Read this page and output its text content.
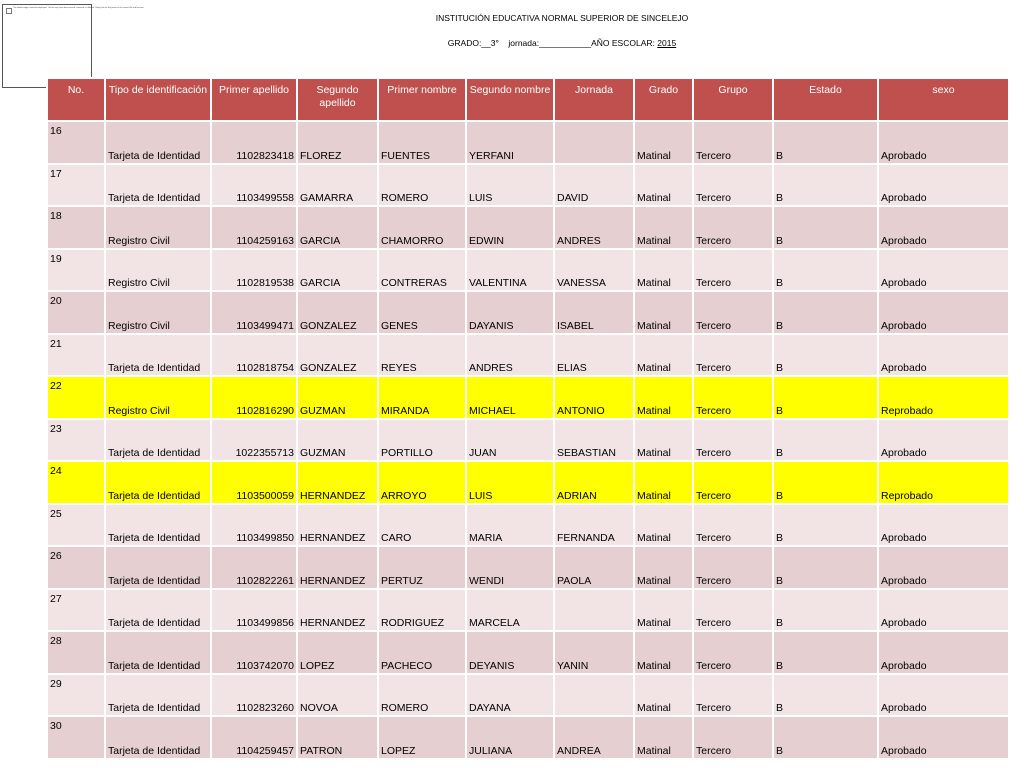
The linked image cannot be displayed. The file may have been moved, renamed, or deleted. Verify that the link points to the correct file and location.
INSTITUCIÓN EDUCATIVA NORMAL SUPERIOR DE SINCELEJO
GRADO:__3° jornada:___________AÑO ESCOLAR: 2015
No.	Tipo de identificación	Primer apellido	Segundo apellido	Primer nombre	Segundo nombre	Jornada	Grado	Grupo	Estado	sexo

16	Tarjeta de Identidad	1102823418	FLOREZ	FUENTES	YERFANI		Matinal	Tercero	B	Aprobado

17	Tarjeta de Identidad	1103499558	GAMARRA	ROMERO	LUIS	DAVID	Matinal	Tercero	B	Aprobado

18	Registro Civil	1104259163	GARCIA	CHAMORRO	EDWIN	ANDRES	Matinal	Tercero	B	Aprobado

19	Registro Civil	1102819538	GARCIA	CONTRERAS	VALENTINA	VANESSA	Matinal	Tercero	B	Aprobado

20	Registro Civil	1103499471	GONZALEZ	GENES	DAYANIS	ISABEL	Matinal	Tercero	B	Aprobado

21	Tarjeta de Identidad	1102818754	GONZALEZ	REYES	ANDRES	ELIAS	Matinal	Tercero	B	Aprobado

22	Registro Civil	1102816290	GUZMAN	MIRANDA	MICHAEL	ANTONIO	Matinal	Tercero	B	Reprobado

23	Tarjeta de Identidad	1022355713	GUZMAN	PORTILLO	JUAN	SEBASTIAN	Matinal	Tercero	B	Aprobado

24	Tarjeta de Identidad	1103500059	HERNANDEZ	ARROYO	LUIS	ADRIAN	Matinal	Tercero	B	Reprobado

25	Tarjeta de Identidad	1103499850	HERNANDEZ	CARO	MARIA	FERNANDA	Matinal	Tercero	B	Aprobado

26	Tarjeta de Identidad	1102822261	HERNANDEZ	PERTUZ	WENDI	PAOLA	Matinal	Tercero	B	Aprobado

27	Tarjeta de Identidad	1103499856	HERNANDEZ	RODRIGUEZ	MARCELA		Matinal	Tercero	B	Aprobado

28	Tarjeta de Identidad	1103742070	LOPEZ	PACHECO	DEYANIS	YANIN	Matinal	Tercero	B	Aprobado

29	Tarjeta de Identidad	1102823260	NOVOA	ROMERO	DAYANA		Matinal	Tercero	B	Aprobado

30	Tarjeta de Identidad	1104259457	PATRON	LOPEZ	JULIANA	ANDREA	Matinal	Tercero	B	Aprobado
